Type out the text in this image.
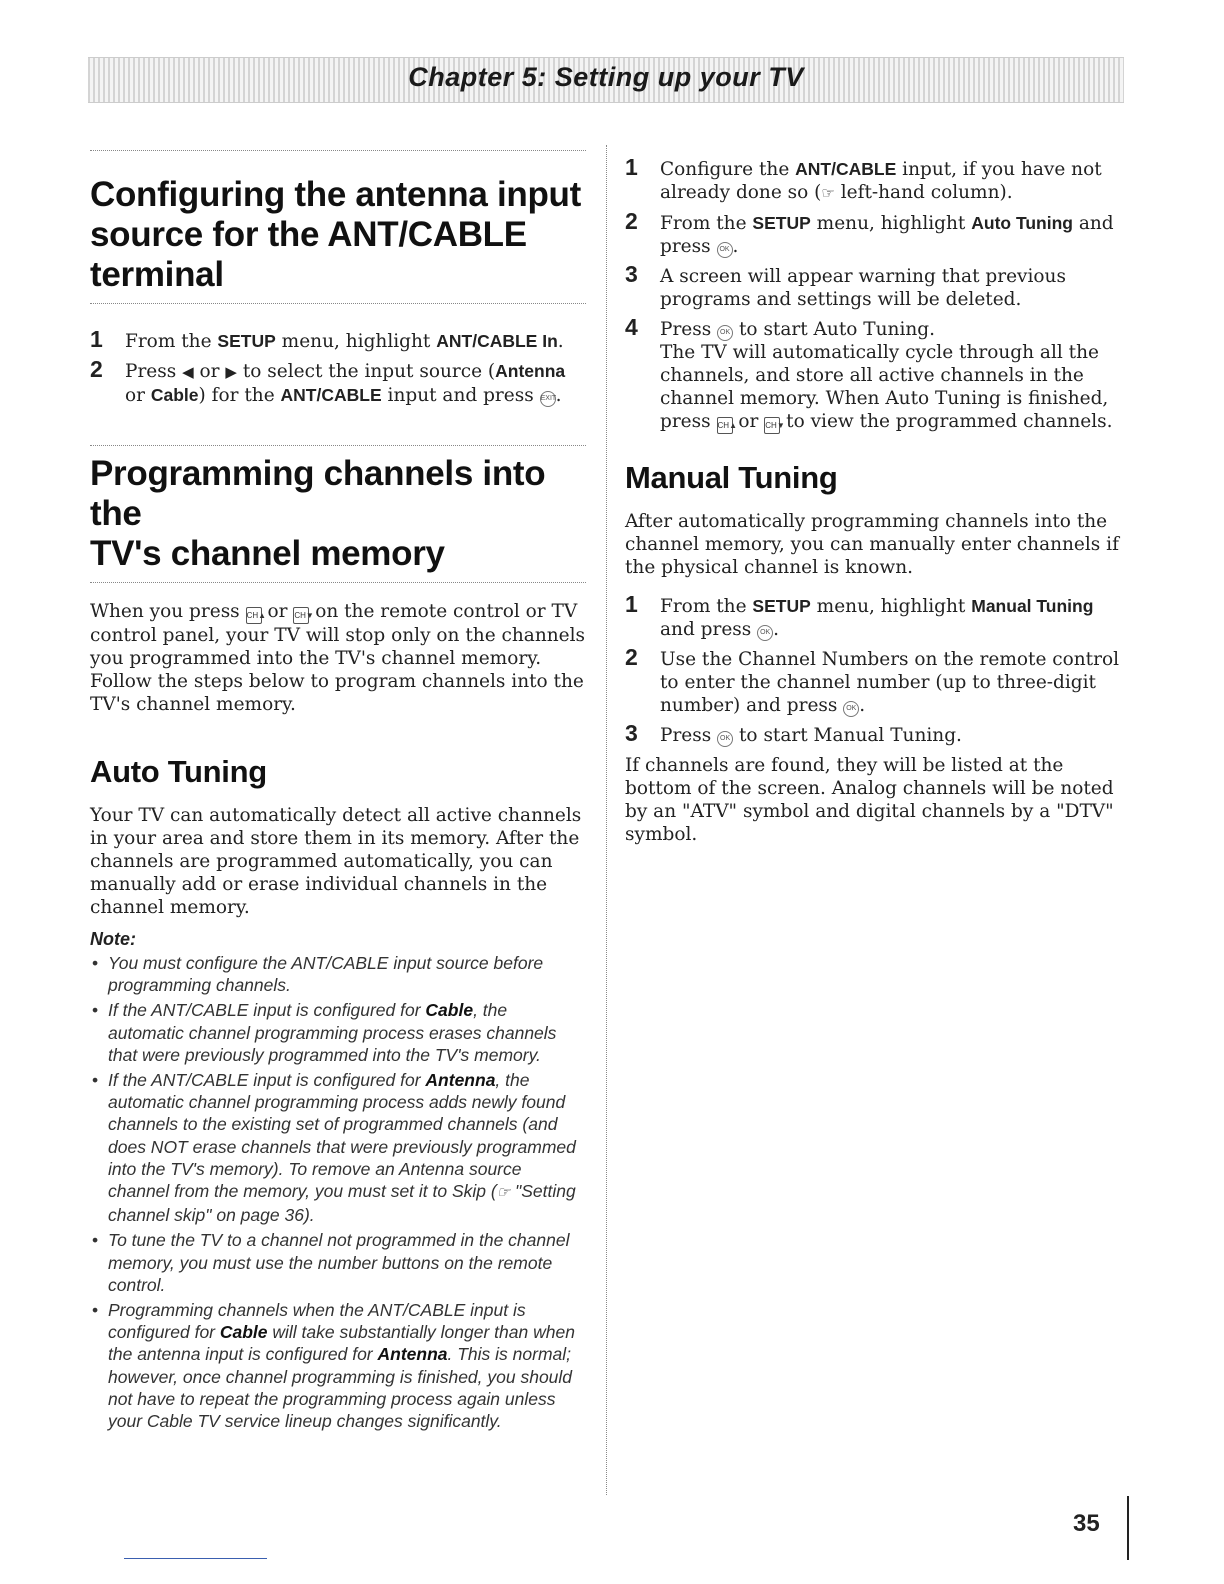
Chapter 5: Setting up your TV
Configuring the antenna input
source for the ANT/CABLE terminal
1 From the SETUP menu, highlight ANT/CABLE In.
2 Press ◀ or ▶ to select the input source (Antenna or Cable) for the ANT/CABLE input and press EXIT.
Programming channels into the
TV's channel memory

When you press CH▲ or CH▼ on the remote control or TV control panel, your TV will stop only on the channels you programmed into the TV's channel memory. Follow the steps below to program channels into the TV's channel memory.

Auto Tuning

Your TV can automatically detect all active channels in your area and store them in its memory. After the channels are programmed automatically, you can manually add or erase individual channels in the channel memory.

Note:
• You must configure the ANT/CABLE input source before programming channels.
• If the ANT/CABLE input is configured for Cable, the automatic channel programming process erases channels that were previously programmed into the TV's memory.
• If the ANT/CABLE input is configured for Antenna, the automatic channel programming process adds newly found channels to the existing set of programmed channels (and does NOT erase channels that were previously programmed into the TV's memory). To remove an Antenna source channel from the memory, you must set it to Skip (☞ "Setting channel skip" on page 36).
• To tune the TV to a channel not programmed in the channel memory, you must use the number buttons on the remote control.
• Programming channels when the ANT/CABLE input is configured for Cable will take substantially longer than when the antenna input is configured for Antenna. This is normal; however, once channel programming is finished, you should not have to repeat the programming process again unless your Cable TV service lineup changes significantly.
1 Configure the ANT/CABLE input, if you have not already done so (☞ left-hand column).
2 From the SETUP menu, highlight Auto Tuning and press OK .
3 A screen will appear warning that previous programs and settings will be deleted.
4 Press OK to start Auto Tuning.
The TV will automatically cycle through all the channels, and store all active channels in the channel memory. When Auto Tuning is finished, press CH▲ or CH▼ to view the programmed channels.
Manual Tuning

After automatically programming channels into the channel memory, you can manually enter channels if the physical channel is known.

1 From the SETUP menu, highlight Manual Tuning and press OK .
2 Use the Channel Numbers on the remote control to enter the channel number (up to three-digit number) and press OK .
3 Press OK to start Manual Tuning.

If channels are found, they will be listed at the bottom of the screen. Analog channels will be noted by an "ATV" symbol and digital channels by a "DTV" symbol.

35
